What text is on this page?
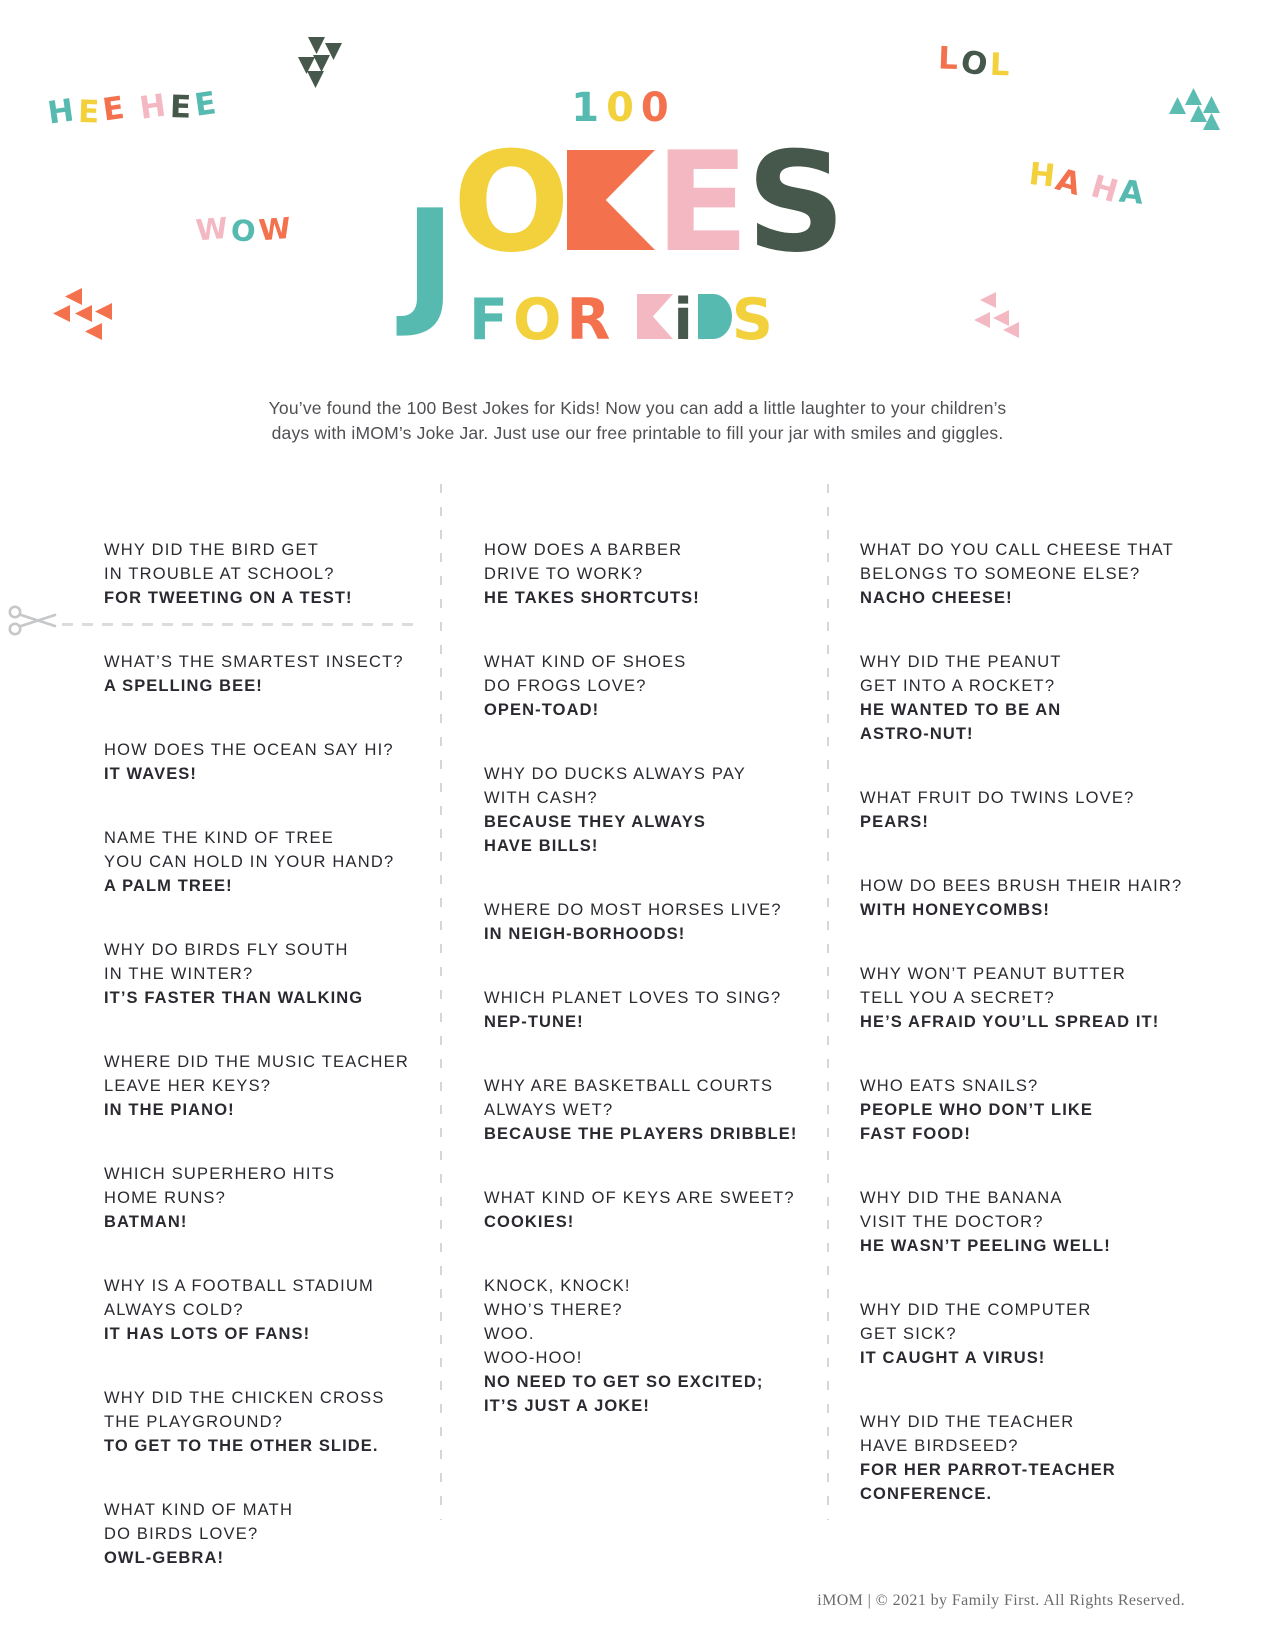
HEE HEE
WOW
LOL
HAHA
100
JO ES
FOR i S
You’ve found the 100 Best Jokes for Kids! Now you can add a little laughter to your children’s
days with iMOM’s Joke Jar. Just use our free printable to fill your jar with smiles and giggles.
WHY DID THE BIRD GET
IN TROUBLE AT SCHOOL?
FOR TWEETING ON A TEST!
WHAT’S THE SMARTEST INSECT?
A SPELLING BEE!
HOW DOES THE OCEAN SAY HI?
IT WAVES!
NAME THE KIND OF TREE
YOU CAN HOLD IN YOUR HAND?
A PALM TREE!
WHY DO BIRDS FLY SOUTH
IN THE WINTER?
IT’S FASTER THAN WALKING
WHERE DID THE MUSIC TEACHER
LEAVE HER KEYS?
IN THE PIANO!
WHICH SUPERHERO HITS
HOME RUNS?
BATMAN!
WHY IS A FOOTBALL STADIUM
ALWAYS COLD?
IT HAS LOTS OF FANS!
WHY DID THE CHICKEN CROSS
THE PLAYGROUND?
TO GET TO THE OTHER SLIDE.
WHAT KIND OF MATH
DO BIRDS LOVE?
OWL-GEBRA!
HOW DOES A BARBER
DRIVE TO WORK?
HE TAKES SHORTCUTS!
WHAT KIND OF SHOES
DO FROGS LOVE?
OPEN-TOAD!
WHY DO DUCKS ALWAYS PAY
WITH CASH?
BECAUSE THEY ALWAYS
HAVE BILLS!
WHERE DO MOST HORSES LIVE?
IN NEIGH-BORHOODS!
WHICH PLANET LOVES TO SING?
NEP-TUNE!
WHY ARE BASKETBALL COURTS
ALWAYS WET?
BECAUSE THE PLAYERS DRIBBLE!
WHAT KIND OF KEYS ARE SWEET?
COOKIES!
KNOCK, KNOCK!
WHO’S THERE?
WOO.
WOO-HOO!
NO NEED TO GET SO EXCITED;
IT’S JUST A JOKE!
WHAT DO YOU CALL CHEESE THAT
BELONGS TO SOMEONE ELSE?
NACHO CHEESE!
WHY DID THE PEANUT
GET INTO A ROCKET?
HE WANTED TO BE AN
ASTRO-NUT!
WHAT FRUIT DO TWINS LOVE?
PEARS!
HOW DO BEES BRUSH THEIR HAIR?
WITH HONEYCOMBS!
WHY WON’T PEANUT BUTTER
TELL YOU A SECRET?
HE’S AFRAID YOU’LL SPREAD IT!
WHO EATS SNAILS?
PEOPLE WHO DON’T LIKE
FAST FOOD!
WHY DID THE BANANA
VISIT THE DOCTOR?
HE WASN’T PEELING WELL!
WHY DID THE COMPUTER
GET SICK?
IT CAUGHT A VIRUS!
WHY DID THE TEACHER
HAVE BIRDSEED?
FOR HER PARROT-TEACHER
CONFERENCE.
iMOM | © 2021 by Family First. All Rights Reserved.
